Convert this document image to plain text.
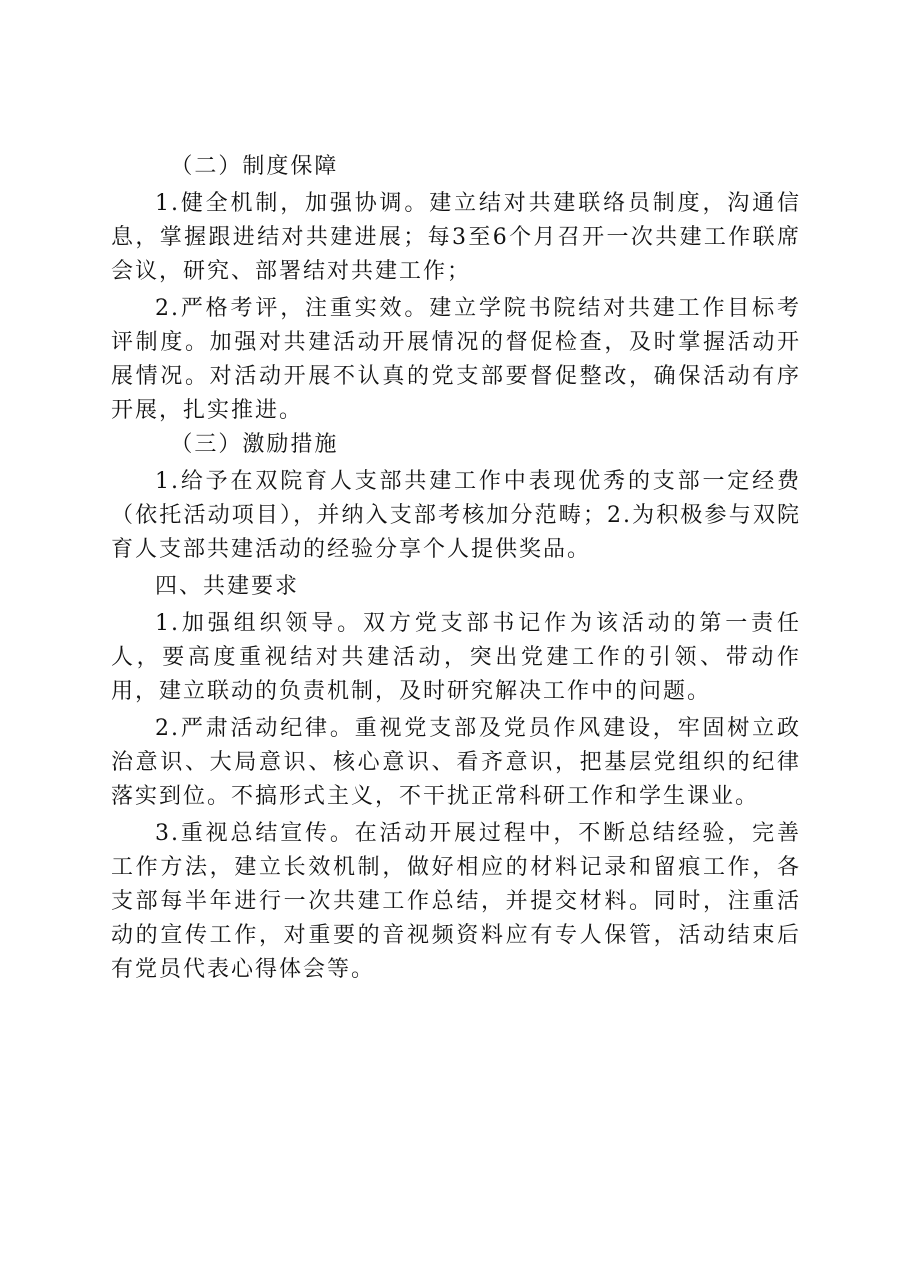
（二）制度保障

1.健全机制，加强协调。建立结对共建联络员制度，沟通信息，掌握跟进结对共建进展；每3至6个月召开一次共建工作联席会议，研究、部署结对共建工作；

2.严格考评，注重实效。建立学院书院结对共建工作目标考评制度。加强对共建活动开展情况的督促检查，及时掌握活动开展情况。对活动开展不认真的党支部要督促整改，确保活动有序开展，扎实推进。

（三）激励措施

1.给予在双院育人支部共建工作中表现优秀的支部一定经费（依托活动项目），并纳入支部考核加分范畴；2.为积极参与双院育人支部共建活动的经验分享个人提供奖品。

四、共建要求

1.加强组织领导。双方党支部书记作为该活动的第一责任人，要高度重视结对共建活动，突出党建工作的引领、带动作用，建立联动的负责机制，及时研究解决工作中的问题。

2.严肃活动纪律。重视党支部及党员作风建设，牢固树立政治意识、大局意识、核心意识、看齐意识，把基层党组织的纪律落实到位。不搞形式主义，不干扰正常科研工作和学生课业。

3.重视总结宣传。在活动开展过程中，不断总结经验，完善工作方法，建立长效机制，做好相应的材料记录和留痕工作，各支部每半年进行一次共建工作总结，并提交材料。同时，注重活动的宣传工作，对重要的音视频资料应有专人保管，活动结束后有党员代表心得体会等。
